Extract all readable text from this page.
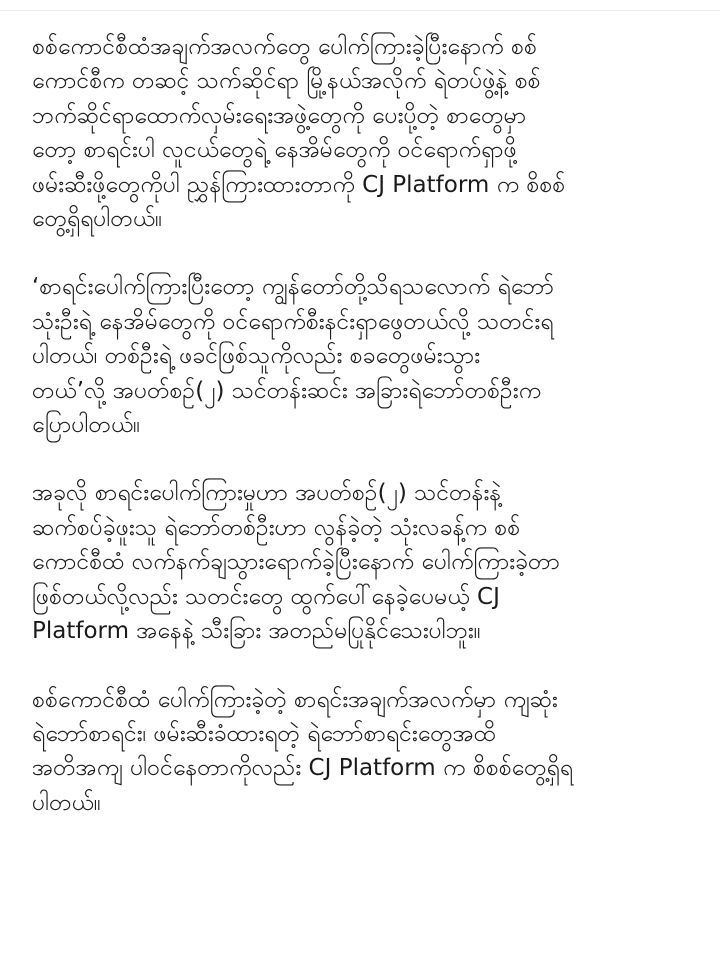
စစ်ကောင်စီထံအချက်အလက်တွေ ပေါက်ကြားခဲ့ပြီးနောက် စစ်
ကောင်စီက တဆင့် သက်ဆိုင်ရာ မြို့နယ်အလိုက် ရဲတပ်ဖွဲ့နဲ့ စစ်
ဘက်ဆိုင်ရာထောက်လှမ်းရေးအဖွဲ့တွေကို ပေးပို့တဲ့ စာတွေမှာ
တော့ စာရင်းပါ လူငယ်တွေရဲ့ နေအိမ်တွေကို ဝင်ရောက်ရှာဖို့
ဖမ်းဆီးဖို့တွေကိုပါ ညွှန်ကြားထားတာကို CJ Platform က စိစစ်
တွေ့ရှိရပါတယ်။

‘စာရင်းပေါက်ကြားပြီးတော့ ကျွန်တော်တို့သိရသလောက် ရဲဘော်
သုံးဦးရဲ့ နေအိမ်တွေကို ဝင်ရောက်စီးနင်းရှာဖွေတယ်လို့ သတင်းရ
ပါတယ်၊ တစ်ဦးရဲ့ ဖခင်ဖြစ်သူကိုလည်း စခတွေဖမ်းသွား
တယ်’လို့ အပတ်စဉ်(၂) သင်တန်းဆင်း အခြားရဲဘော်တစ်ဦးက
ပြောပါတယ်။

အခုလို စာရင်းပေါက်ကြားမှုဟာ အပတ်စဉ်(၂) သင်တန်းနဲ့
ဆက်စပ်ခဲ့ဖူးသူ ရဲဘော်တစ်ဦးဟာ လွန်ခဲ့တဲ့ သုံးလခန့်က စစ်
ကောင်စီထံ လက်နက်ချသွားရောက်ခဲ့ပြီးနောက် ပေါက်ကြားခဲ့တာ
ဖြစ်တယ်လို့လည်း သတင်းတွေ ထွက်ပေါ်နေခဲ့ပေမယ့် CJ
Platform အနေနဲ့ သီးခြား အတည်မပြုနိုင်သေးပါဘူး။

စစ်ကောင်စီထံ ပေါက်ကြားခဲ့တဲ့ စာရင်းအချက်အလက်မှာ ကျဆုံး
ရဲဘော်စာရင်း၊ ဖမ်းဆီးခံထားရတဲ့ ရဲဘော်စာရင်းတွေအထိ
အတိအကျ ပါဝင်နေတာကိုလည်း CJ Platform က စိစစ်တွေ့ရှိရ
ပါတယ်။
